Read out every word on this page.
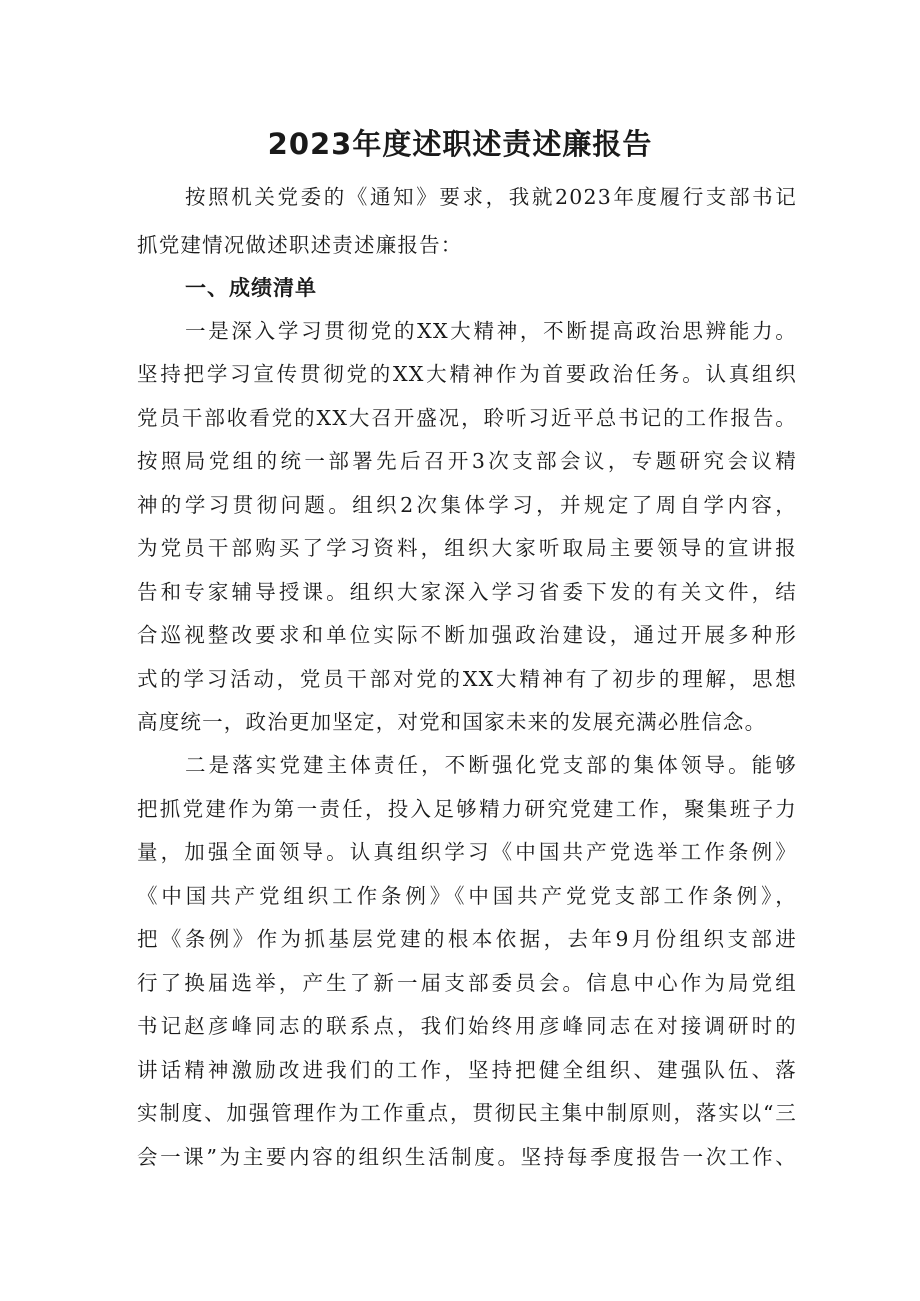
2023年度述职述责述廉报告
按照机关党委的《通知》要求，我就2023年度履行支部书记
抓党建情况做述职述责述廉报告：
一、成绩清单
一是深入学习贯彻党的XX大精神，不断提高政治思辨能力。
坚持把学习宣传贯彻党的XX大精神作为首要政治任务。认真组织
党员干部收看党的XX大召开盛况，聆听习近平总书记的工作报告。
按照局党组的统一部署先后召开3次支部会议，专题研究会议精
神的学习贯彻问题。组织2次集体学习，并规定了周自学内容，
为党员干部购买了学习资料，组织大家听取局主要领导的宣讲报
告和专家辅导授课。组织大家深入学习省委下发的有关文件，结
合巡视整改要求和单位实际不断加强政治建设，通过开展多种形
式的学习活动，党员干部对党的XX大精神有了初步的理解，思想
高度统一，政治更加坚定，对党和国家未来的发展充满必胜信念。
二是落实党建主体责任，不断强化党支部的集体领导。能够
把抓党建作为第一责任，投入足够精力研究党建工作，聚集班子力
量，加强全面领导。认真组织学习《中国共产党选举工作条例》
《中国共产党组织工作条例》《中国共产党党支部工作条例》，
把《条例》作为抓基层党建的根本依据，去年9月份组织支部进
行了换届选举，产生了新一届支部委员会。信息中心作为局党组
书记赵彦峰同志的联系点，我们始终用彦峰同志在对接调研时的
讲话精神激励改进我们的工作，坚持把健全组织、建强队伍、落
实制度、加强管理作为工作重点，贯彻民主集中制原则，落实以“三
会一课”为主要内容的组织生活制度。坚持每季度报告一次工作、
